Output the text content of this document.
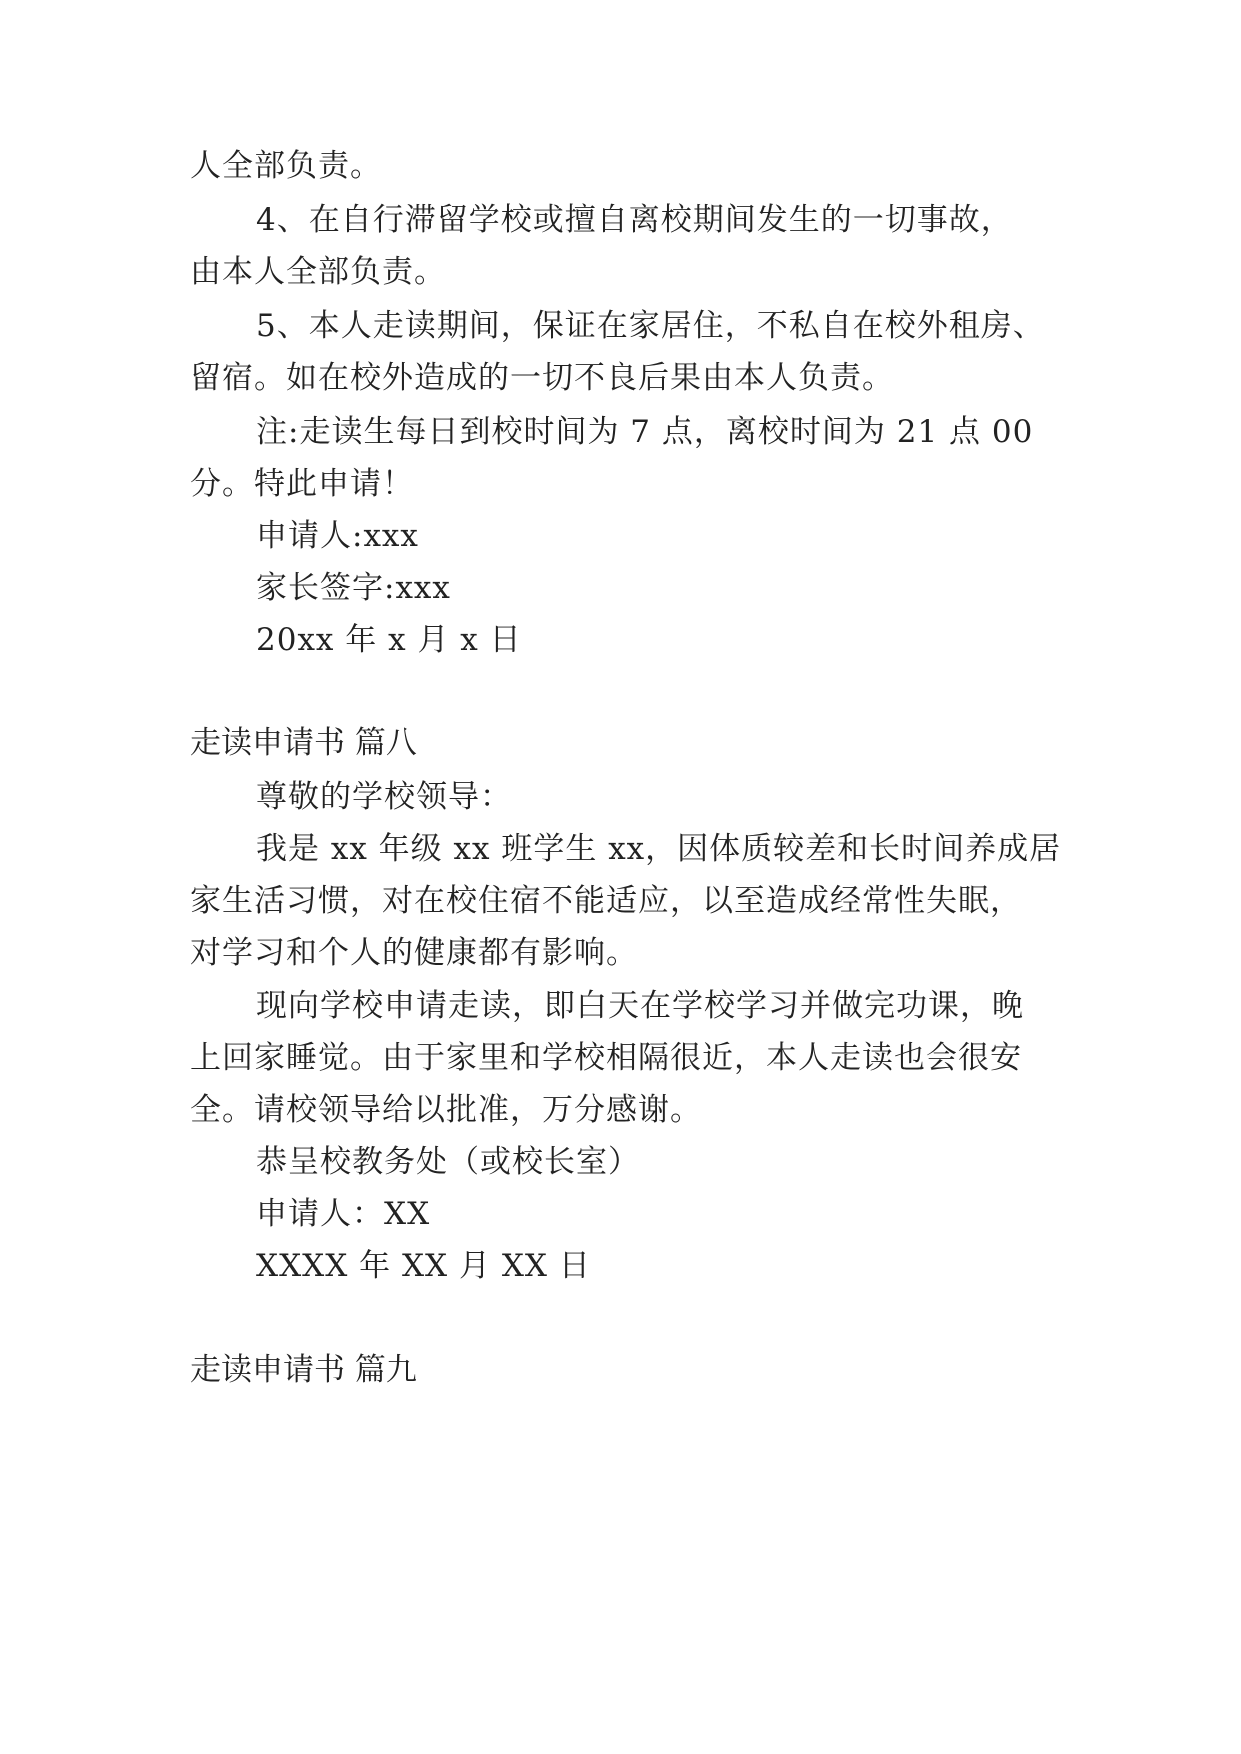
人全部负责。
4、在自行滞留学校或擅自离校期间发生的一切事故，
由本人全部负责。
5、本人走读期间，保证在家居住，不私自在校外租房、
留宿。如在校外造成的一切不良后果由本人负责。
注:走读生每日到校时间为 7 点，离校时间为 21 点 00
分。特此申请！
申请人:xxx
家长签字:xxx
20xx 年 x 月 x 日
走读申请书 篇八
尊敬的学校领导：
我是 xx 年级 xx 班学生 xx，因体质较差和长时间养成居
家生活习惯，对在校住宿不能适应，以至造成经常性失眠，
对学习和个人的健康都有影响。
现向学校申请走读，即白天在学校学习并做完功课，晚
上回家睡觉。由于家里和学校相隔很近，本人走读也会很安
全。请校领导给以批准，万分感谢。
恭呈校教务处（或校长室）
申请人：XX
XXXX 年 XX 月 XX 日
走读申请书 篇九
